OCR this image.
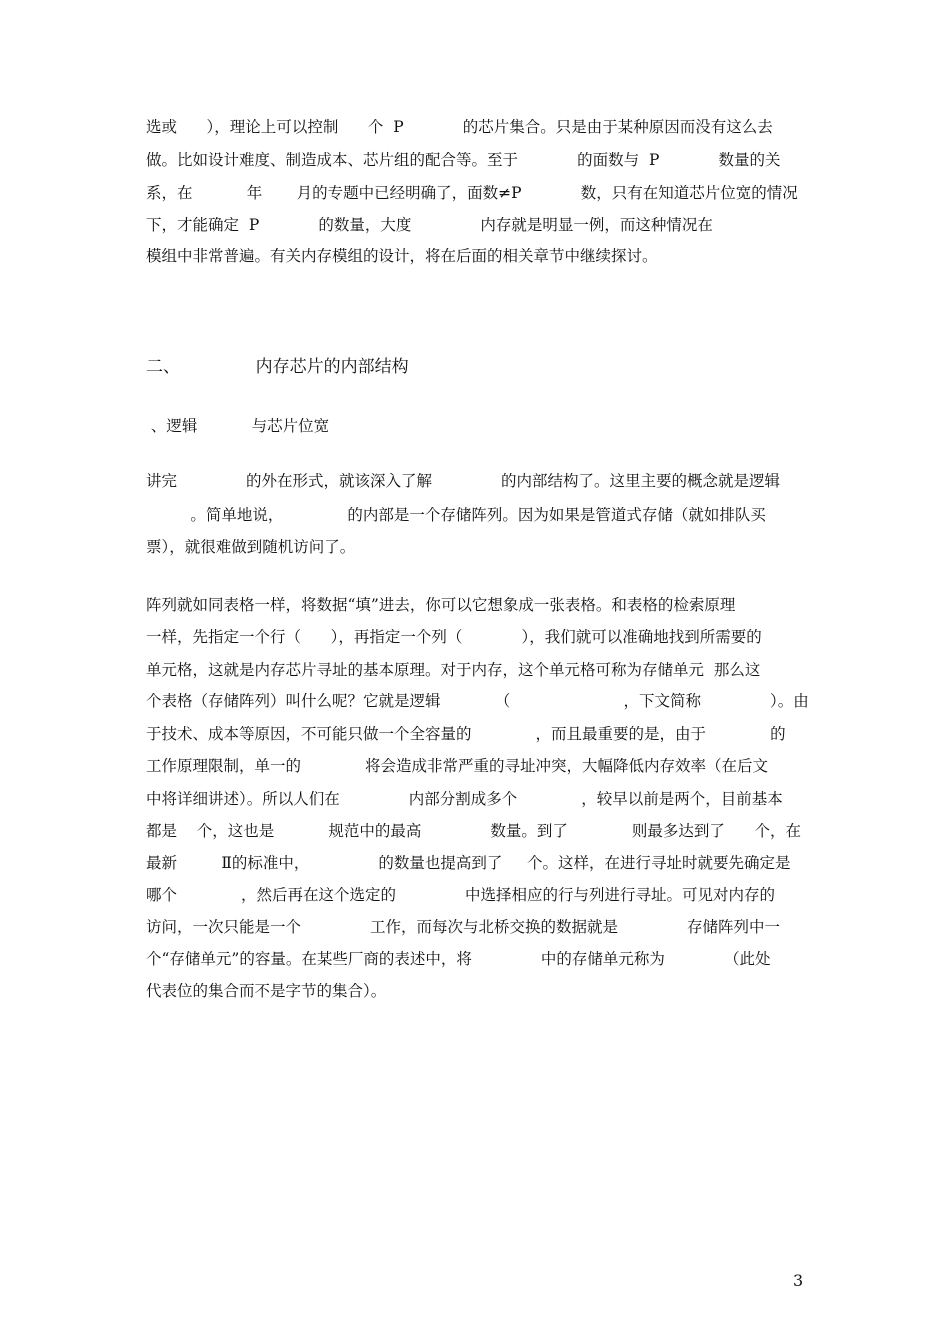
选或      ），理论上可以控制      个  P            的芯片集合。只是由于某种原因而没有这么去
做。比如设计难度、制造成本、芯片组的配合等。至于            的面数与  P            数量的关
系，在           年       月的专题中已经明确了，面数≠P            数，只有在知道芯片位宽的情况
下，才能确定  P            的数量，大度              内存就是明显一例，而这种情况在
模组中非常普遍。有关内存模组的设计，将在后面的相关章节中继续探讨。
二、              内存芯片的内部结构
、逻辑           与芯片位宽
讲完              的外在形式，就该深入了解              的内部结构了。这里主要的概念就是逻辑
。简单地说，             的内部是一个存储阵列。因为如果是管道式存储（就如排队买
票），就很难做到随机访问了。
阵列就如同表格一样，将数据“填”进去，你可以它想象成一张表格。和表格的检索原理
一样，先指定一个行（      ），再指定一个列（            ），我们就可以准确地找到所需要的
单元格，这就是内存芯片寻址的基本原理。对于内存，这个单元格可称为存储单元  那么这
个表格（存储阵列）叫什么呢？它就是逻辑           （                       ，下文简称              ）。由
于技术、成本等原因，不可能只做一个全容量的             ，而且最重要的是，由于             的
工作原理限制，单一的             将会造成非常严重的寻址冲突，大幅降低内存效率（在后文
中将详细讲述）。所以人们在              内部分割成多个             ，较早以前是两个，目前基本
都是    个，这也是           规范中的最高              数量。到了             则最多达到了      个，在
最新         Ⅱ的标准中，              的数量也提高到了     个。这样，在进行寻址时就要先确定是
哪个             ，然后再在这个选定的              中选择相应的行与列进行寻址。可见对内存的
访问，一次只能是一个              工作，而每次与北桥交换的数据就是              存储阵列中一
个“存储单元”的容量。在某些厂商的表述中，将              中的存储单元称为            （此处
代表位的集合而不是字节的集合）。
3
